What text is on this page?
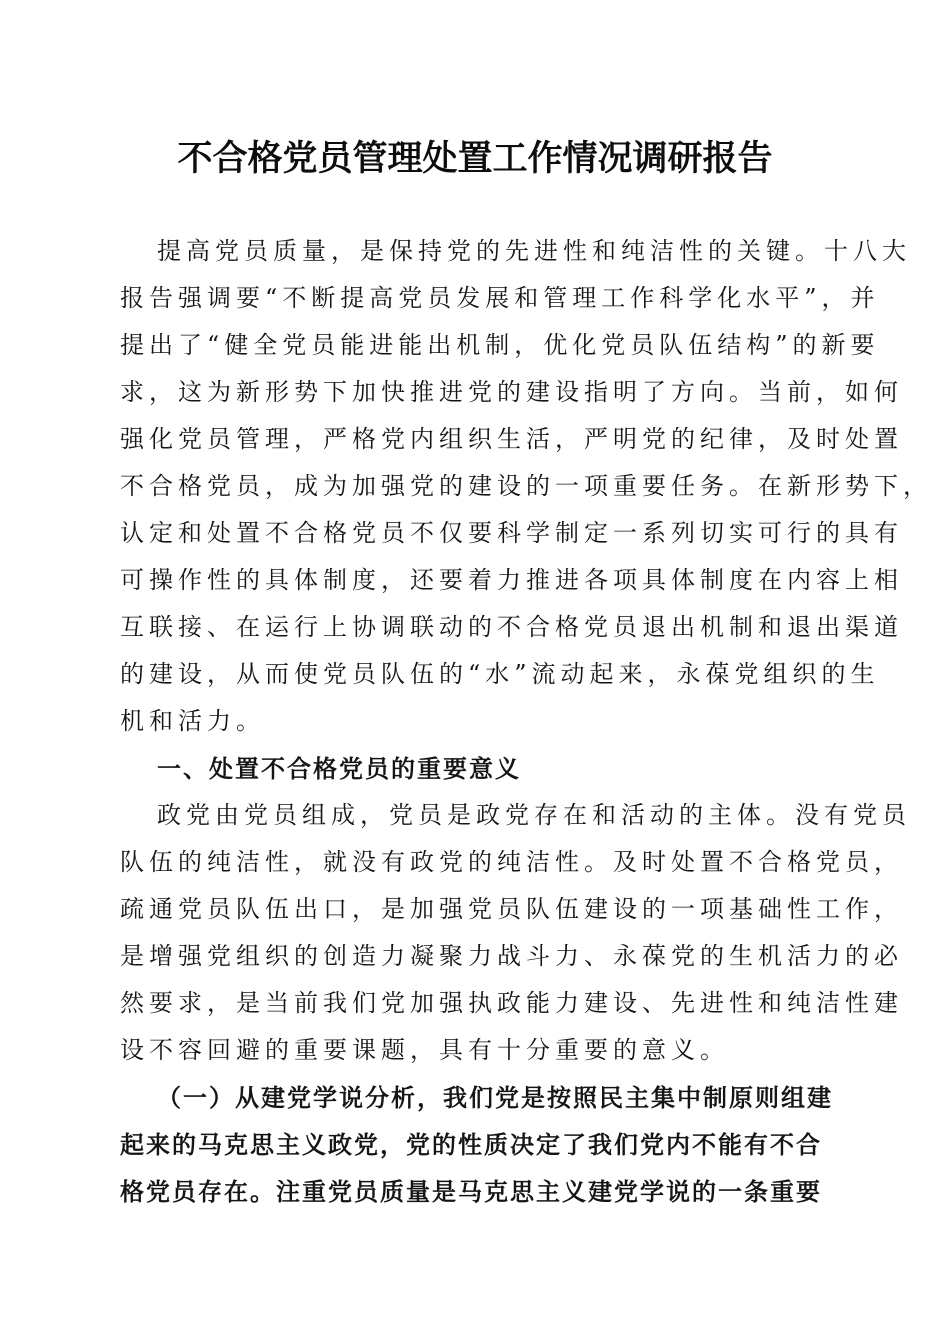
不合格党员管理处置工作情况调研报告
提高党员质量，是保持党的先进性和纯洁性的关键。十八大
报告强调要“不断提高党员发展和管理工作科学化水平”，并
提出了“健全党员能进能出机制，优化党员队伍结构”的新要
求，这为新形势下加快推进党的建设指明了方向。当前，如何
强化党员管理，严格党内组织生活，严明党的纪律，及时处置
不合格党员，成为加强党的建设的一项重要任务。在新形势下，
认定和处置不合格党员不仅要科学制定一系列切实可行的具有
可操作性的具体制度，还要着力推进各项具体制度在内容上相
互联接、在运行上协调联动的不合格党员退出机制和退出渠道
的建设，从而使党员队伍的“水”流动起来，永葆党组织的生
机和活力。
一、处置不合格党员的重要意义
政党由党员组成，党员是政党存在和活动的主体。没有党员
队伍的纯洁性，就没有政党的纯洁性。及时处置不合格党员，
疏通党员队伍出口，是加强党员队伍建设的一项基础性工作，
是增强党组织的创造力凝聚力战斗力、永葆党的生机活力的必
然要求，是当前我们党加强执政能力建设、先进性和纯洁性建
设不容回避的重要课题，具有十分重要的意义。
（一）从建党学说分析，我们党是按照民主集中制原则组建
起来的马克思主义政党，党的性质决定了我们党内不能有不合
格党员存在。注重党员质量是马克思主义建党学说的一条重要
